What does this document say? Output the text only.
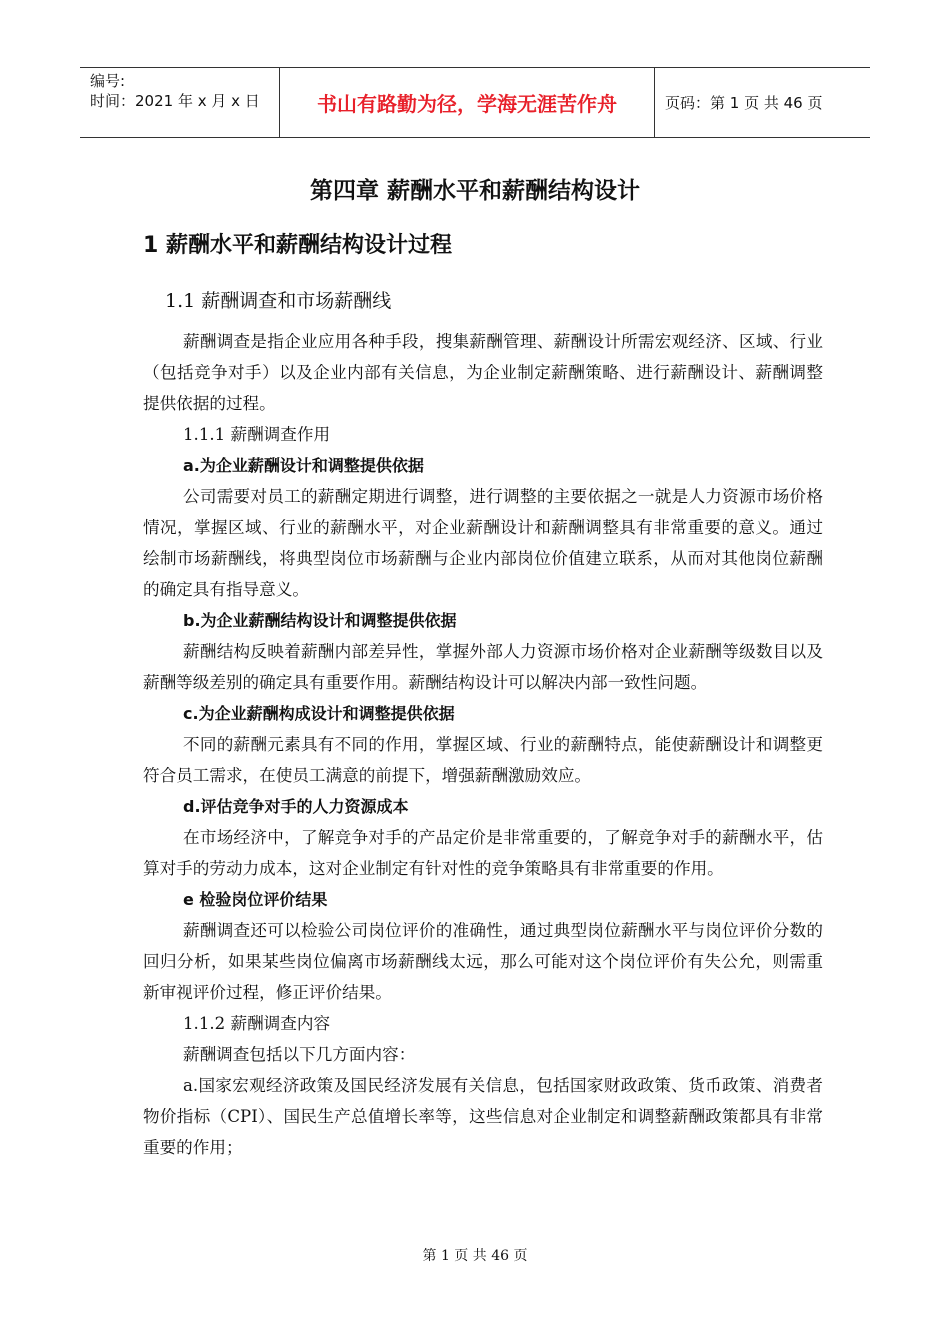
编号:
时间：2021 年 x 月 x 日	书山有路勤为径，学海无涯苦作舟	页码：第 1 页 共 46 页
第四章 薪酬水平和薪酬结构设计
1 薪酬水平和薪酬结构设计过程
1.1 薪酬调查和市场薪酬线

薪酬调查是指企业应用各种手段，搜集薪酬管理、薪酬设计所需宏观经济、区域、行业（包括竞争对手）以及企业内部有关信息，为企业制定薪酬策略、进行薪酬设计、薪酬调整提供依据的过程。

1.1.1 薪酬调查作用

a.为企业薪酬设计和调整提供依据

公司需要对员工的薪酬定期进行调整，进行调整的主要依据之一就是人力资源市场价格情况，掌握区域、行业的薪酬水平，对企业薪酬设计和薪酬调整具有非常重要的意义。通过绘制市场薪酬线，将典型岗位市场薪酬与企业内部岗位价值建立联系，从而对其他岗位薪酬的确定具有指导意义。

b.为企业薪酬结构设计和调整提供依据

薪酬结构反映着薪酬内部差异性，掌握外部人力资源市场价格对企业薪酬等级数目以及薪酬等级差别的确定具有重要作用。薪酬结构设计可以解决内部一致性问题。

c.为企业薪酬构成设计和调整提供依据

不同的薪酬元素具有不同的作用，掌握区域、行业的薪酬特点，能使薪酬设计和调整更符合员工需求，在使员工满意的前提下，增强薪酬激励效应。

d.评估竞争对手的人力资源成本

在市场经济中，了解竞争对手的产品定价是非常重要的，了解竞争对手的薪酬水平，估算对手的劳动力成本，这对企业制定有针对性的竞争策略具有非常重要的作用。

e 检验岗位评价结果

薪酬调查还可以检验公司岗位评价的准确性，通过典型岗位薪酬水平与岗位评价分数的回归分析，如果某些岗位偏离市场薪酬线太远，那么可能对这个岗位评价有失公允，则需重新审视评价过程，修正评价结果。

1.1.2 薪酬调查内容

薪酬调查包括以下几方面内容：

a.国家宏观经济政策及国民经济发展有关信息，包括国家财政政策、货币政策、消费者物价指标（CPI）、国民生产总值增长率等，这些信息对企业制定和调整薪酬政策都具有非常重要的作用；

第 1 页 共 46 页
